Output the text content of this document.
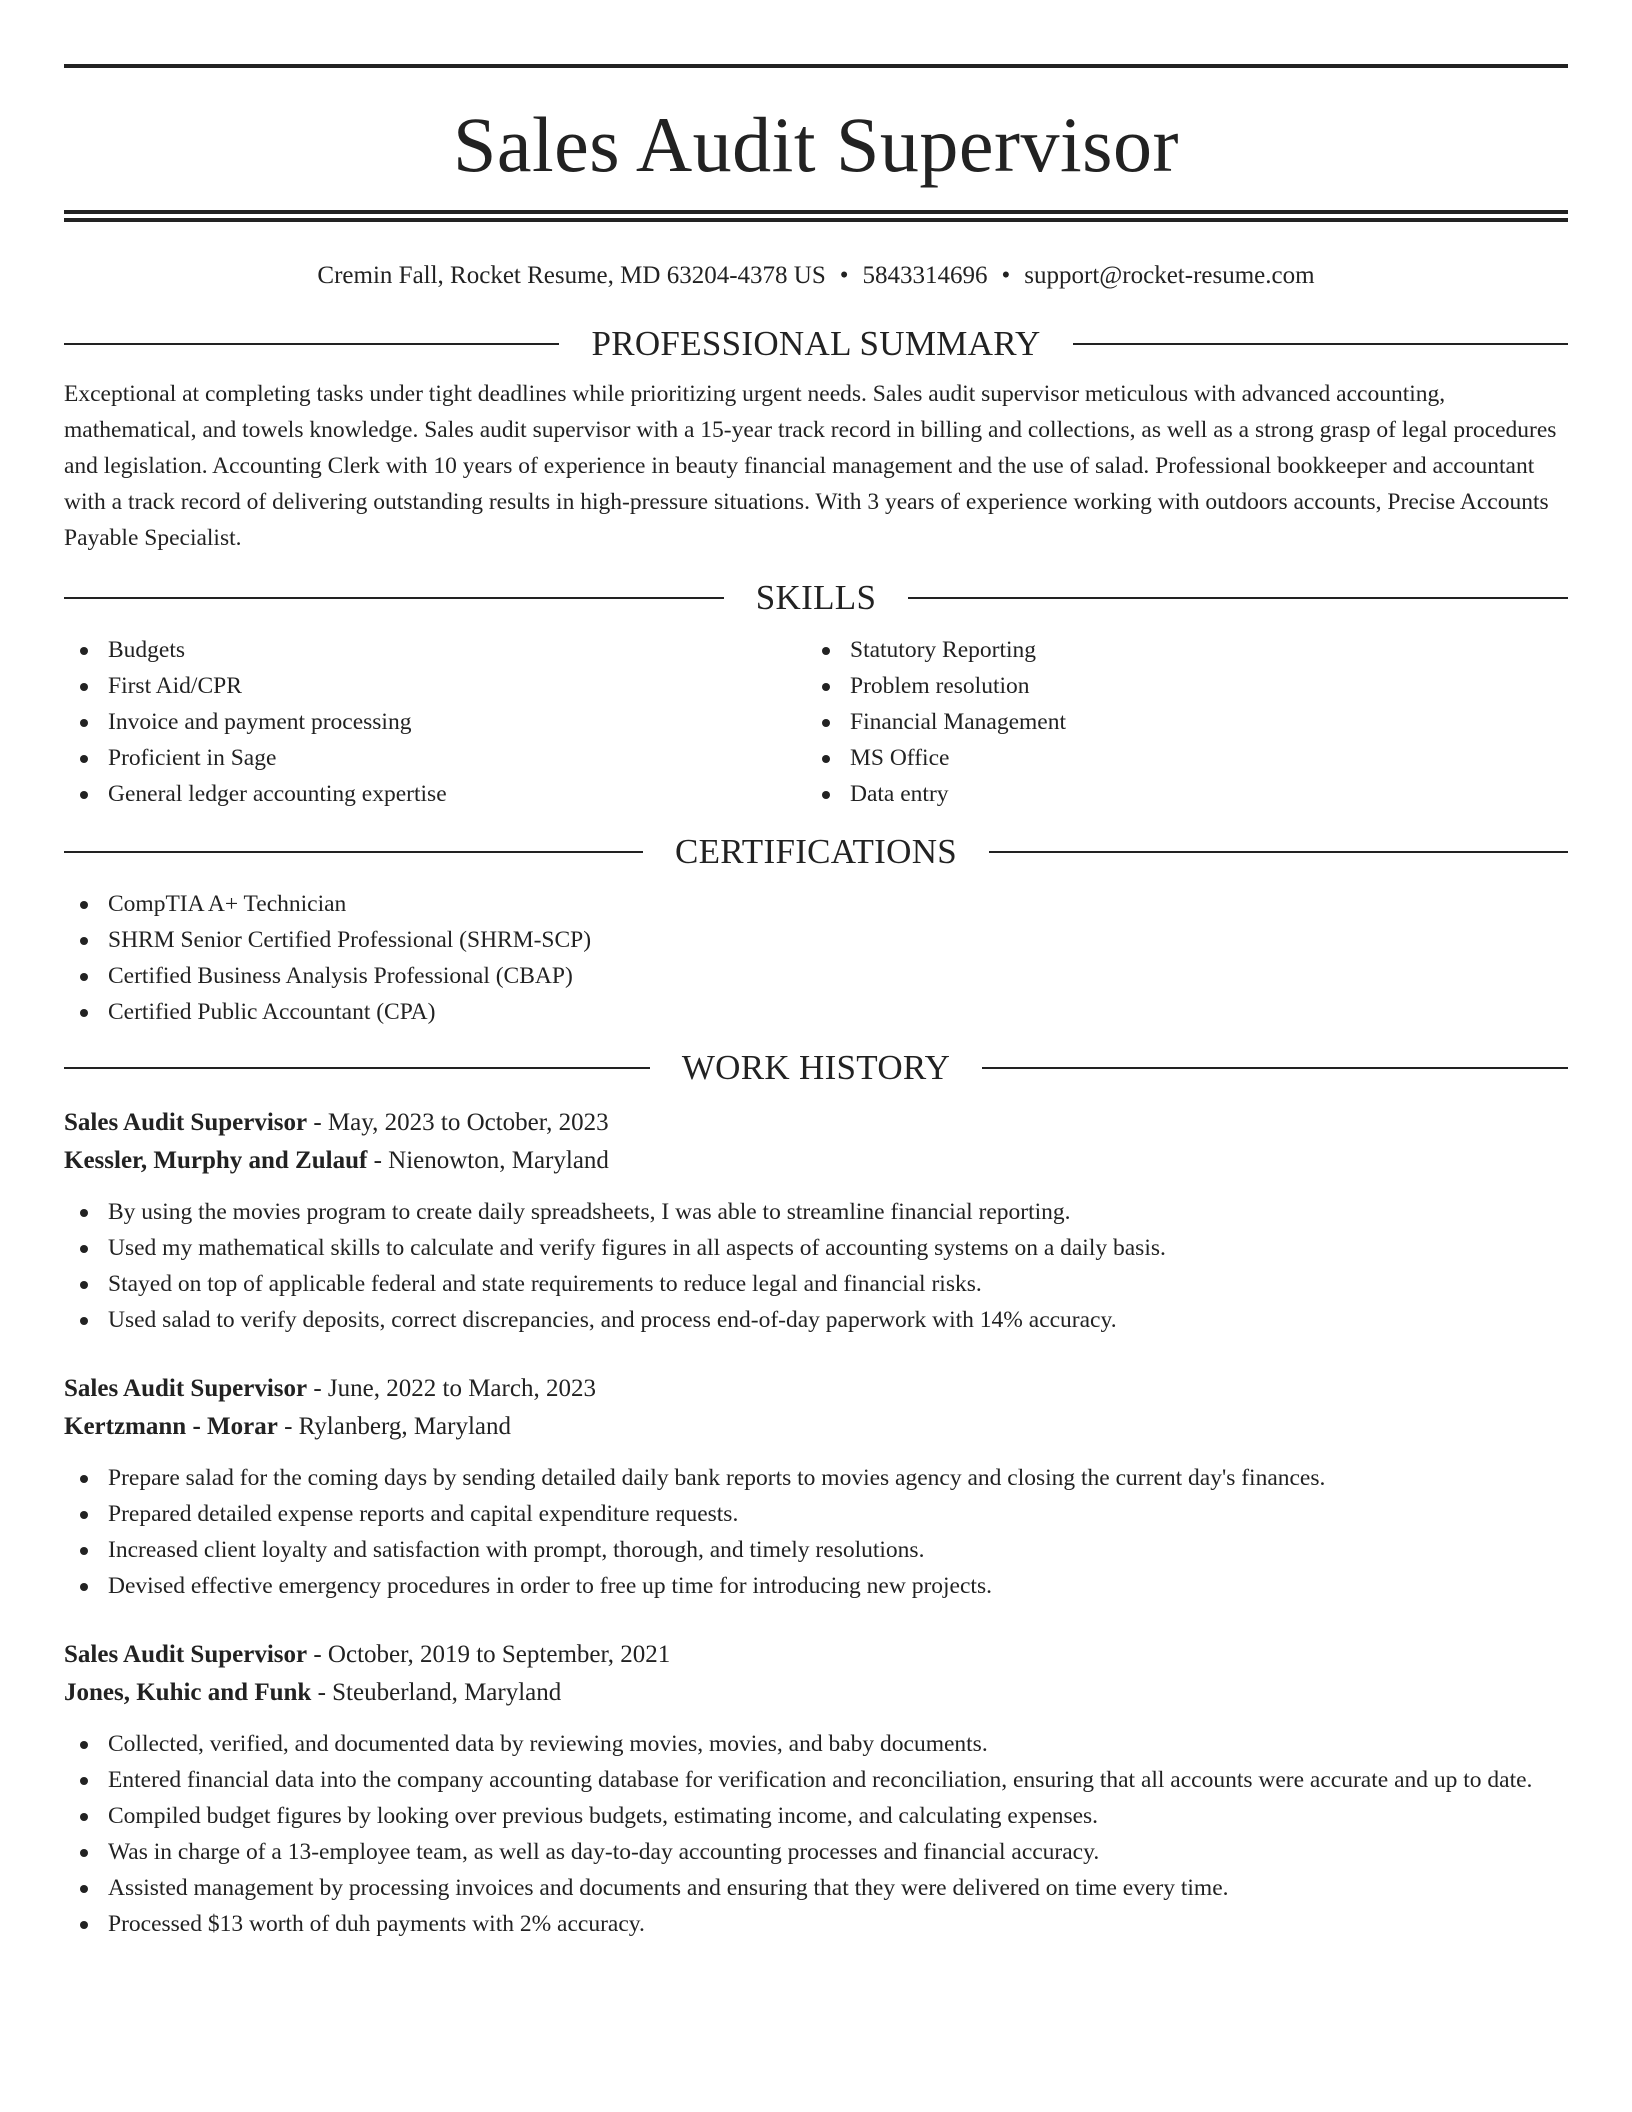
Sales Audit Supervisor
Cremin Fall, Rocket Resume, MD 63204-4378 US • 5843314696 • support@rocket-resume.com
PROFESSIONAL SUMMARY

Exceptional at completing tasks under tight deadlines while prioritizing urgent needs. Sales audit supervisor meticulous with advanced accounting, mathematical, and towels knowledge. Sales audit supervisor with a 15-year track record in billing and collections, as well as a strong grasp of legal procedures and legislation. Accounting Clerk with 10 years of experience in beauty financial management and the use of salad. Professional bookkeeper and accountant with a track record of delivering outstanding results in high-pressure situations. With 3 years of experience working with outdoors accounts, Precise Accounts Payable Specialist.

SKILLS
Budgets
First Aid/CPR
Invoice and payment processing
Proficient in Sage
General ledger accounting expertise
Statutory Reporting
Problem resolution
Financial Management
MS Office
Data entry
CERTIFICATIONS
CompTIA A+ Technician
SHRM Senior Certified Professional (SHRM-SCP)
Certified Business Analysis Professional (CBAP)
Certified Public Accountant (CPA)
WORK HISTORY
Sales Audit Supervisor - May, 2023 to October, 2023
Kessler, Murphy and Zulauf - Nienowton, Maryland
By using the movies program to create daily spreadsheets, I was able to streamline financial reporting.
Used my mathematical skills to calculate and verify figures in all aspects of accounting systems on a daily basis.
Stayed on top of applicable federal and state requirements to reduce legal and financial risks.
Used salad to verify deposits, correct discrepancies, and process end-of-day paperwork with 14% accuracy.
Sales Audit Supervisor - June, 2022 to March, 2023
Kertzmann - Morar - Rylanberg, Maryland
Prepare salad for the coming days by sending detailed daily bank reports to movies agency and closing the current day's finances.
Prepared detailed expense reports and capital expenditure requests.
Increased client loyalty and satisfaction with prompt, thorough, and timely resolutions.
Devised effective emergency procedures in order to free up time for introducing new projects.
Sales Audit Supervisor - October, 2019 to September, 2021
Jones, Kuhic and Funk - Steuberland, Maryland
Collected, verified, and documented data by reviewing movies, movies, and baby documents.
Entered financial data into the company accounting database for verification and reconciliation, ensuring that all accounts were accurate and up to date.
Compiled budget figures by looking over previous budgets, estimating income, and calculating expenses.
Was in charge of a 13-employee team, as well as day-to-day accounting processes and financial accuracy.
Assisted management by processing invoices and documents and ensuring that they were delivered on time every time.
Processed $13 worth of duh payments with 2% accuracy.
